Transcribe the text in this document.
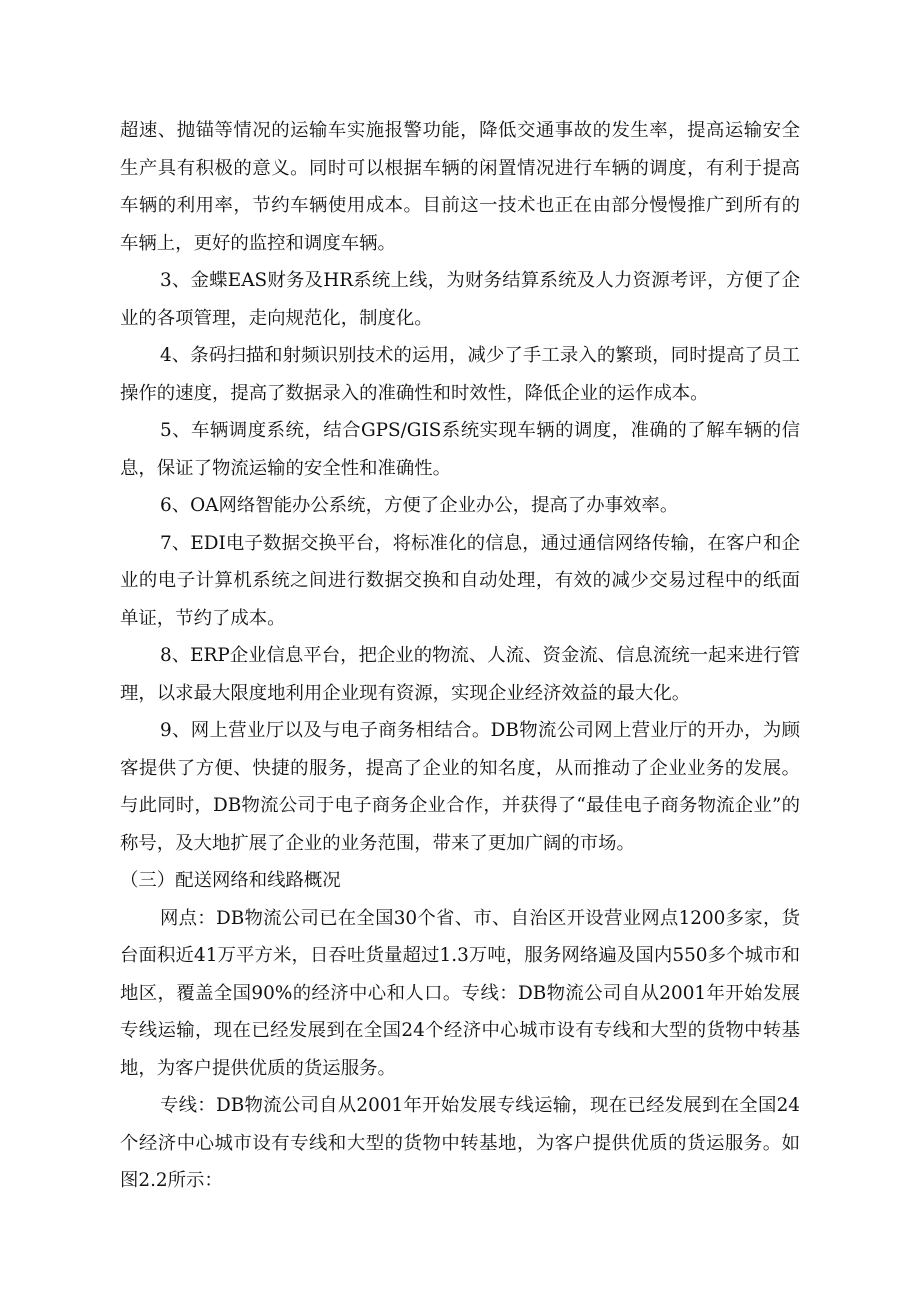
超速、抛锚等情况的运输车实施报警功能，降低交通事故的发生率，提高运输安全生产具有积极的意义。同时可以根据车辆的闲置情况进行车辆的调度，有利于提高车辆的利用率，节约车辆使用成本。目前这一技术也正在由部分慢慢推广到所有的车辆上，更好的监控和调度车辆。

3、金蝶EAS财务及HR系统上线，为财务结算系统及人力资源考评，方便了企业的各项管理，走向规范化，制度化。

4、条码扫描和射频识别技术的运用，减少了手工录入的繁琐，同时提高了员工操作的速度，提高了数据录入的准确性和时效性，降低企业的运作成本。

5、车辆调度系统，结合GPS/GIS系统实现车辆的调度，准确的了解车辆的信息，保证了物流运输的安全性和准确性。

6、OA网络智能办公系统，方便了企业办公，提高了办事效率。

7、EDI电子数据交换平台，将标准化的信息，通过通信网络传输，在客户和企业的电子计算机系统之间进行数据交换和自动处理，有效的减少交易过程中的纸面单证，节约了成本。

8、ERP企业信息平台，把企业的物流、人流、资金流、信息流统一起来进行管理，以求最大限度地利用企业现有资源，实现企业经济效益的最大化。

9、网上营业厅以及与电子商务相结合。DB物流公司网上营业厅的开办，为顾客提供了方便、快捷的服务，提高了企业的知名度，从而推动了企业业务的发展。与此同时，DB物流公司于电子商务企业合作，并获得了“最佳电子商务物流企业”的称号，及大地扩展了企业的业务范围，带来了更加广阔的市场。

（三）配送网络和线路概况

网点：DB物流公司已在全国30个省、市、自治区开设营业网点1200多家，货台面积近41万平方米，日吞吐货量超过1.3万吨，服务网络遍及国内550多个城市和地区，覆盖全国90%的经济中心和人口。专线：DB物流公司自从2001年开始发展专线运输，现在已经发展到在全国24个经济中心城市设有专线和大型的货物中转基地，为客户提供优质的货运服务。

专线：DB物流公司自从2001年开始发展专线运输，现在已经发展到在全国24个经济中心城市设有专线和大型的货物中转基地，为客户提供优质的货运服务。如图2.2所示：
